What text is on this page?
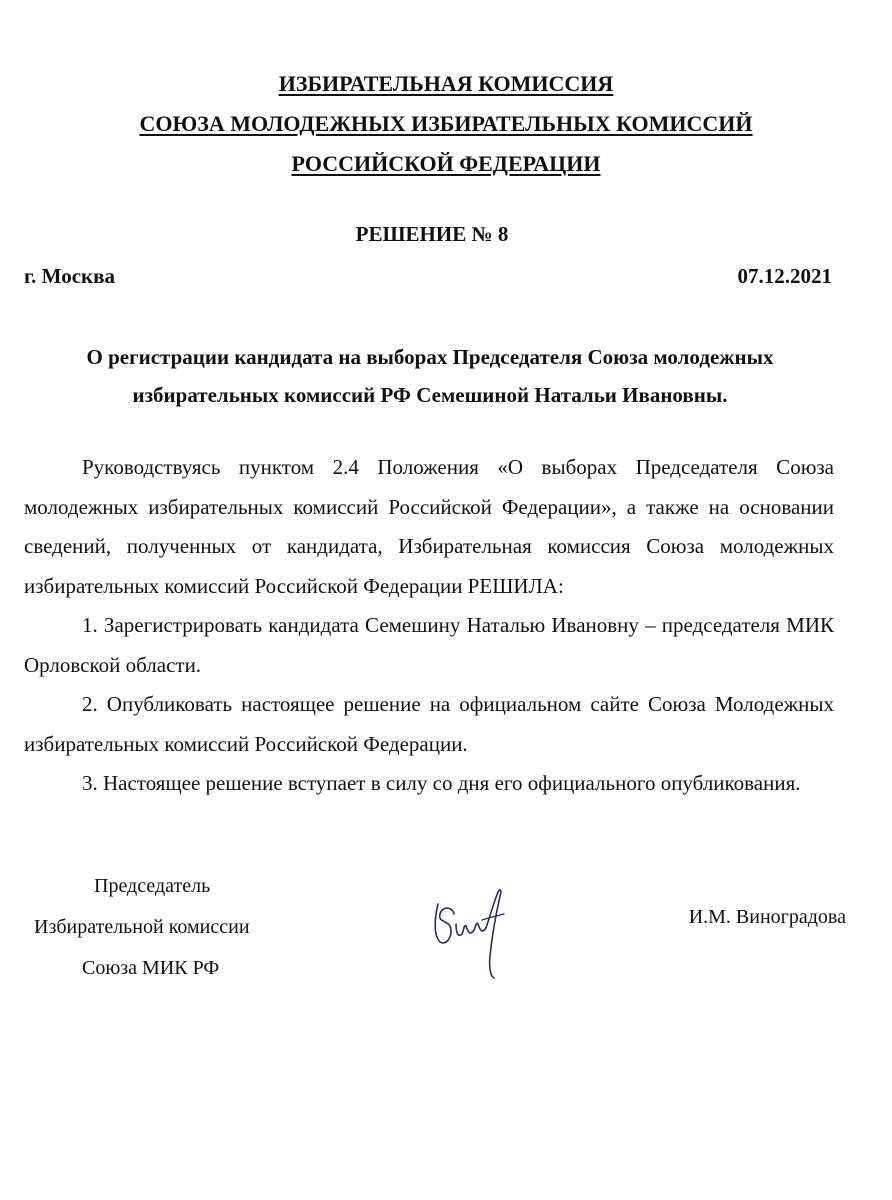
ИЗБИРАТЕЛЬНАЯ КОМИССИЯ
СОЮЗА МОЛОДЕЖНЫХ ИЗБИРАТЕЛЬНЫХ КОМИССИЙ
РОССИЙСКОЙ ФЕДЕРАЦИИ
РЕШЕНИЕ № 8
г. Москва	07.12.2021
О регистрации кандидата на выборах Председателя Союза молодежных
избирательных комиссий РФ Семешиной Натальи Ивановны.

Руководствуясь пунктом 2.4 Положения «О выборах Председателя Союза молодежных избирательных комиссий Российской Федерации», а также на основании сведений, полученных от кандидата, Избирательная комиссия Союза молодежных избирательных комиссий Российской Федерации РЕШИЛА:

1. Зарегистрировать кандидата Семешину Наталью Ивановну – председателя МИК Орловской области.

2. Опубликовать настоящее решение на официальном сайте Союза Молодежных избирательных комиссий Российской Федерации.

3. Настоящее решение вступает в силу со дня его официального опубликования.

Председатель
Избирательной комиссии
Союза МИК РФ
И.М. Виноградова
